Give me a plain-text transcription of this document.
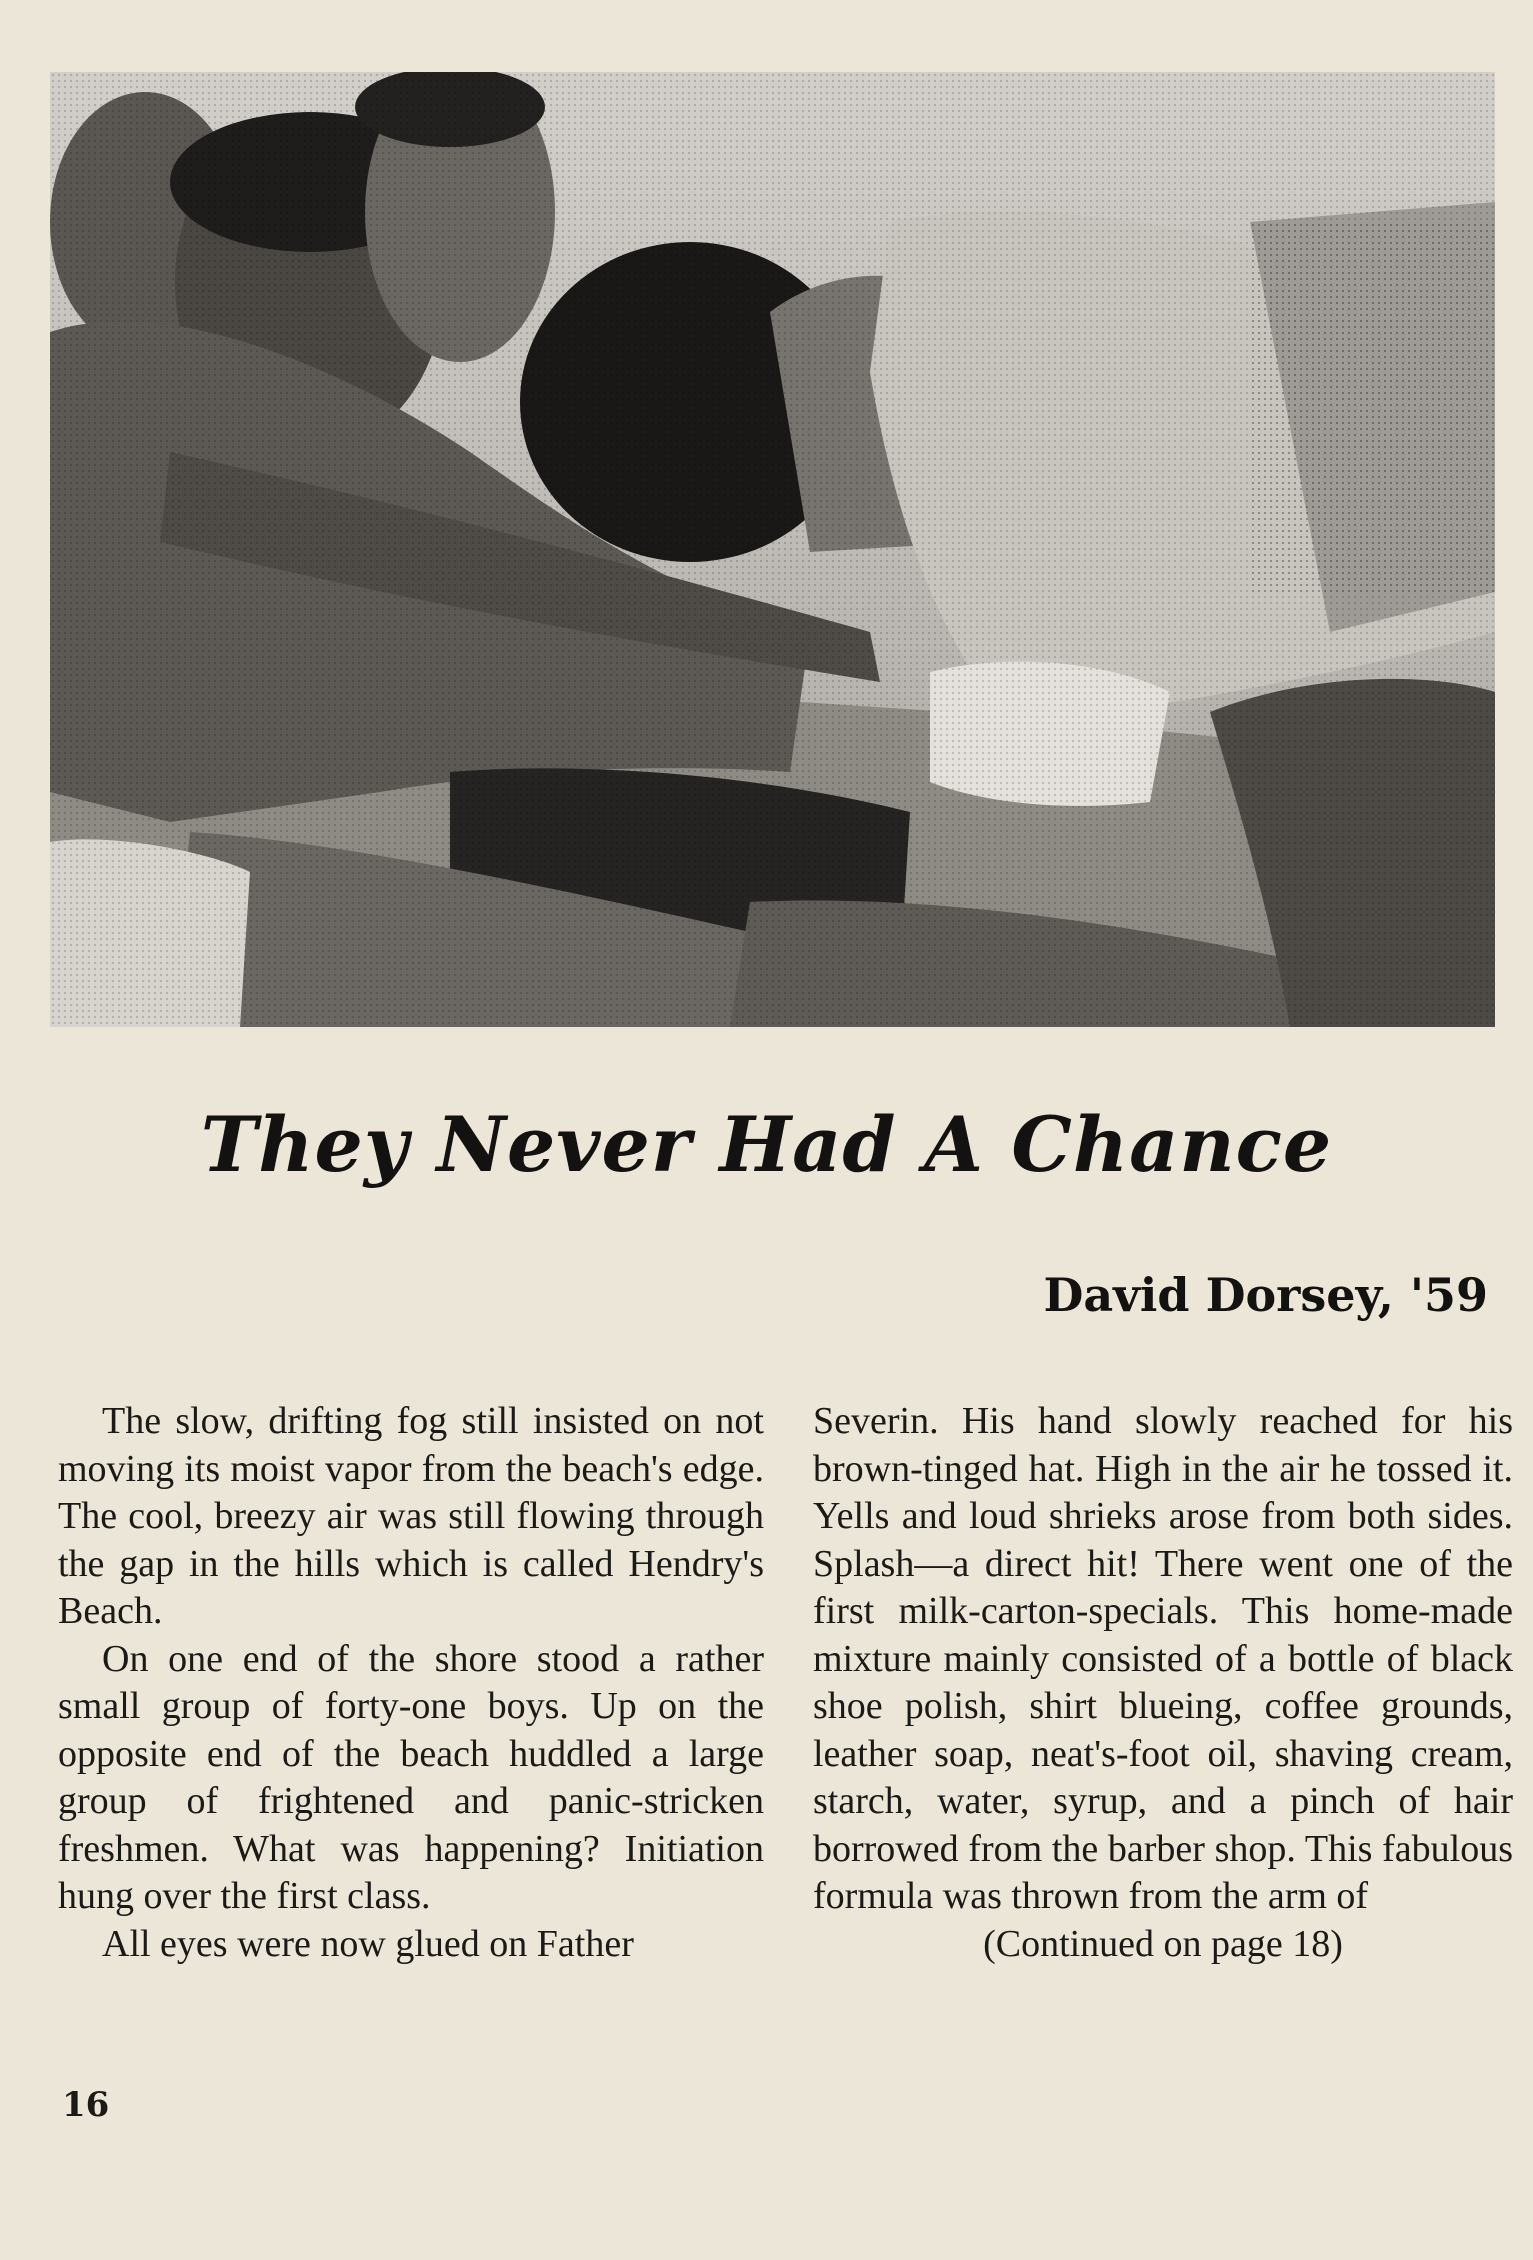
They Never Had A Chance
David Dorsey, '59

The slow, drifting fog still insisted on not moving its moist vapor from the beach's edge. The cool, breezy air was still flowing through the gap in the hills which is called Hendry's Beach.

On one end of the shore stood a rather small group of forty-one boys. Up on the opposite end of the beach huddled a large group of frightened and panic-stricken freshmen. What was happening? Initiation hung over the first class.

All eyes were now glued on Father

Severin. His hand slowly reached for his brown-tinged hat. High in the air he tossed it. Yells and loud shrieks arose from both sides. Splash—a direct hit! There went one of the first milk-carton-specials. This home-made mixture mainly consisted of a bottle of black shoe polish, shirt blueing, coffee grounds, leather soap, neat's-foot oil, shaving cream, starch, water, syrup, and a pinch of hair borrowed from the barber shop. This fabulous formula was thrown from the arm of

(Continued on page 18)
16
